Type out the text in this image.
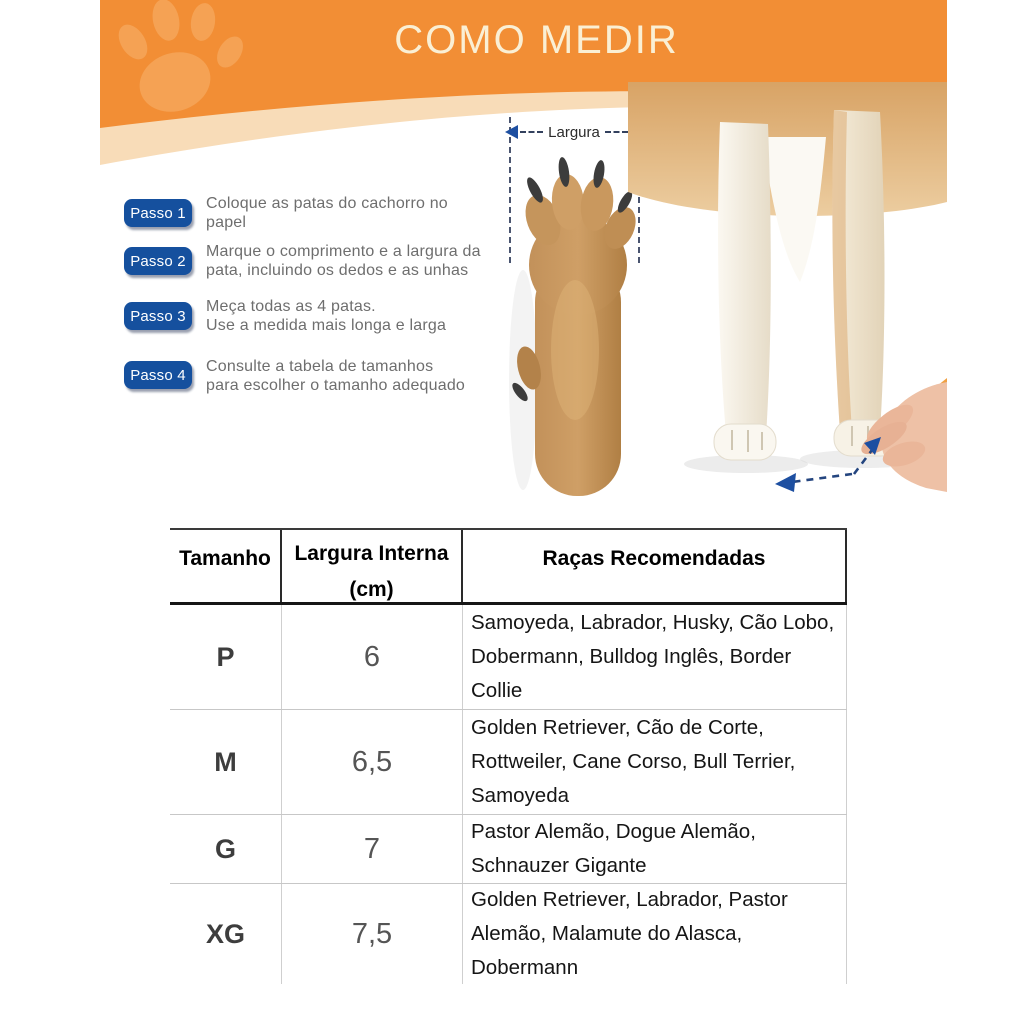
COMO MEDIR
Passo 1
Coloque as patas do cachorro no
papel
Passo 2
Marque o comprimento e a largura da
pata, incluindo os dedos e as unhas
Passo 3
Meça todas as 4 patas.
Use a medida mais longa e larga
Passo 4	Consulte a tabela de tamanhos
para escolher o tamanho adequado
Largura
Tamanho	Largura Interna
(cm)
Raças Recomendadas
P	6
Samoyeda, Labrador, Husky, Cão Lobo, Dobermann, Bulldog Inglês, Border Collie
M	6,5
Golden Retriever, Cão de Corte, Rottweiler, Cane Corso, Bull Terrier, Samoyeda
G	7
Pastor Alemão, Dogue Alemão, Schnauzer Gigante
XG	7,5
Golden Retriever, Labrador, Pastor Alemão, Malamute do Alasca, Dobermann
